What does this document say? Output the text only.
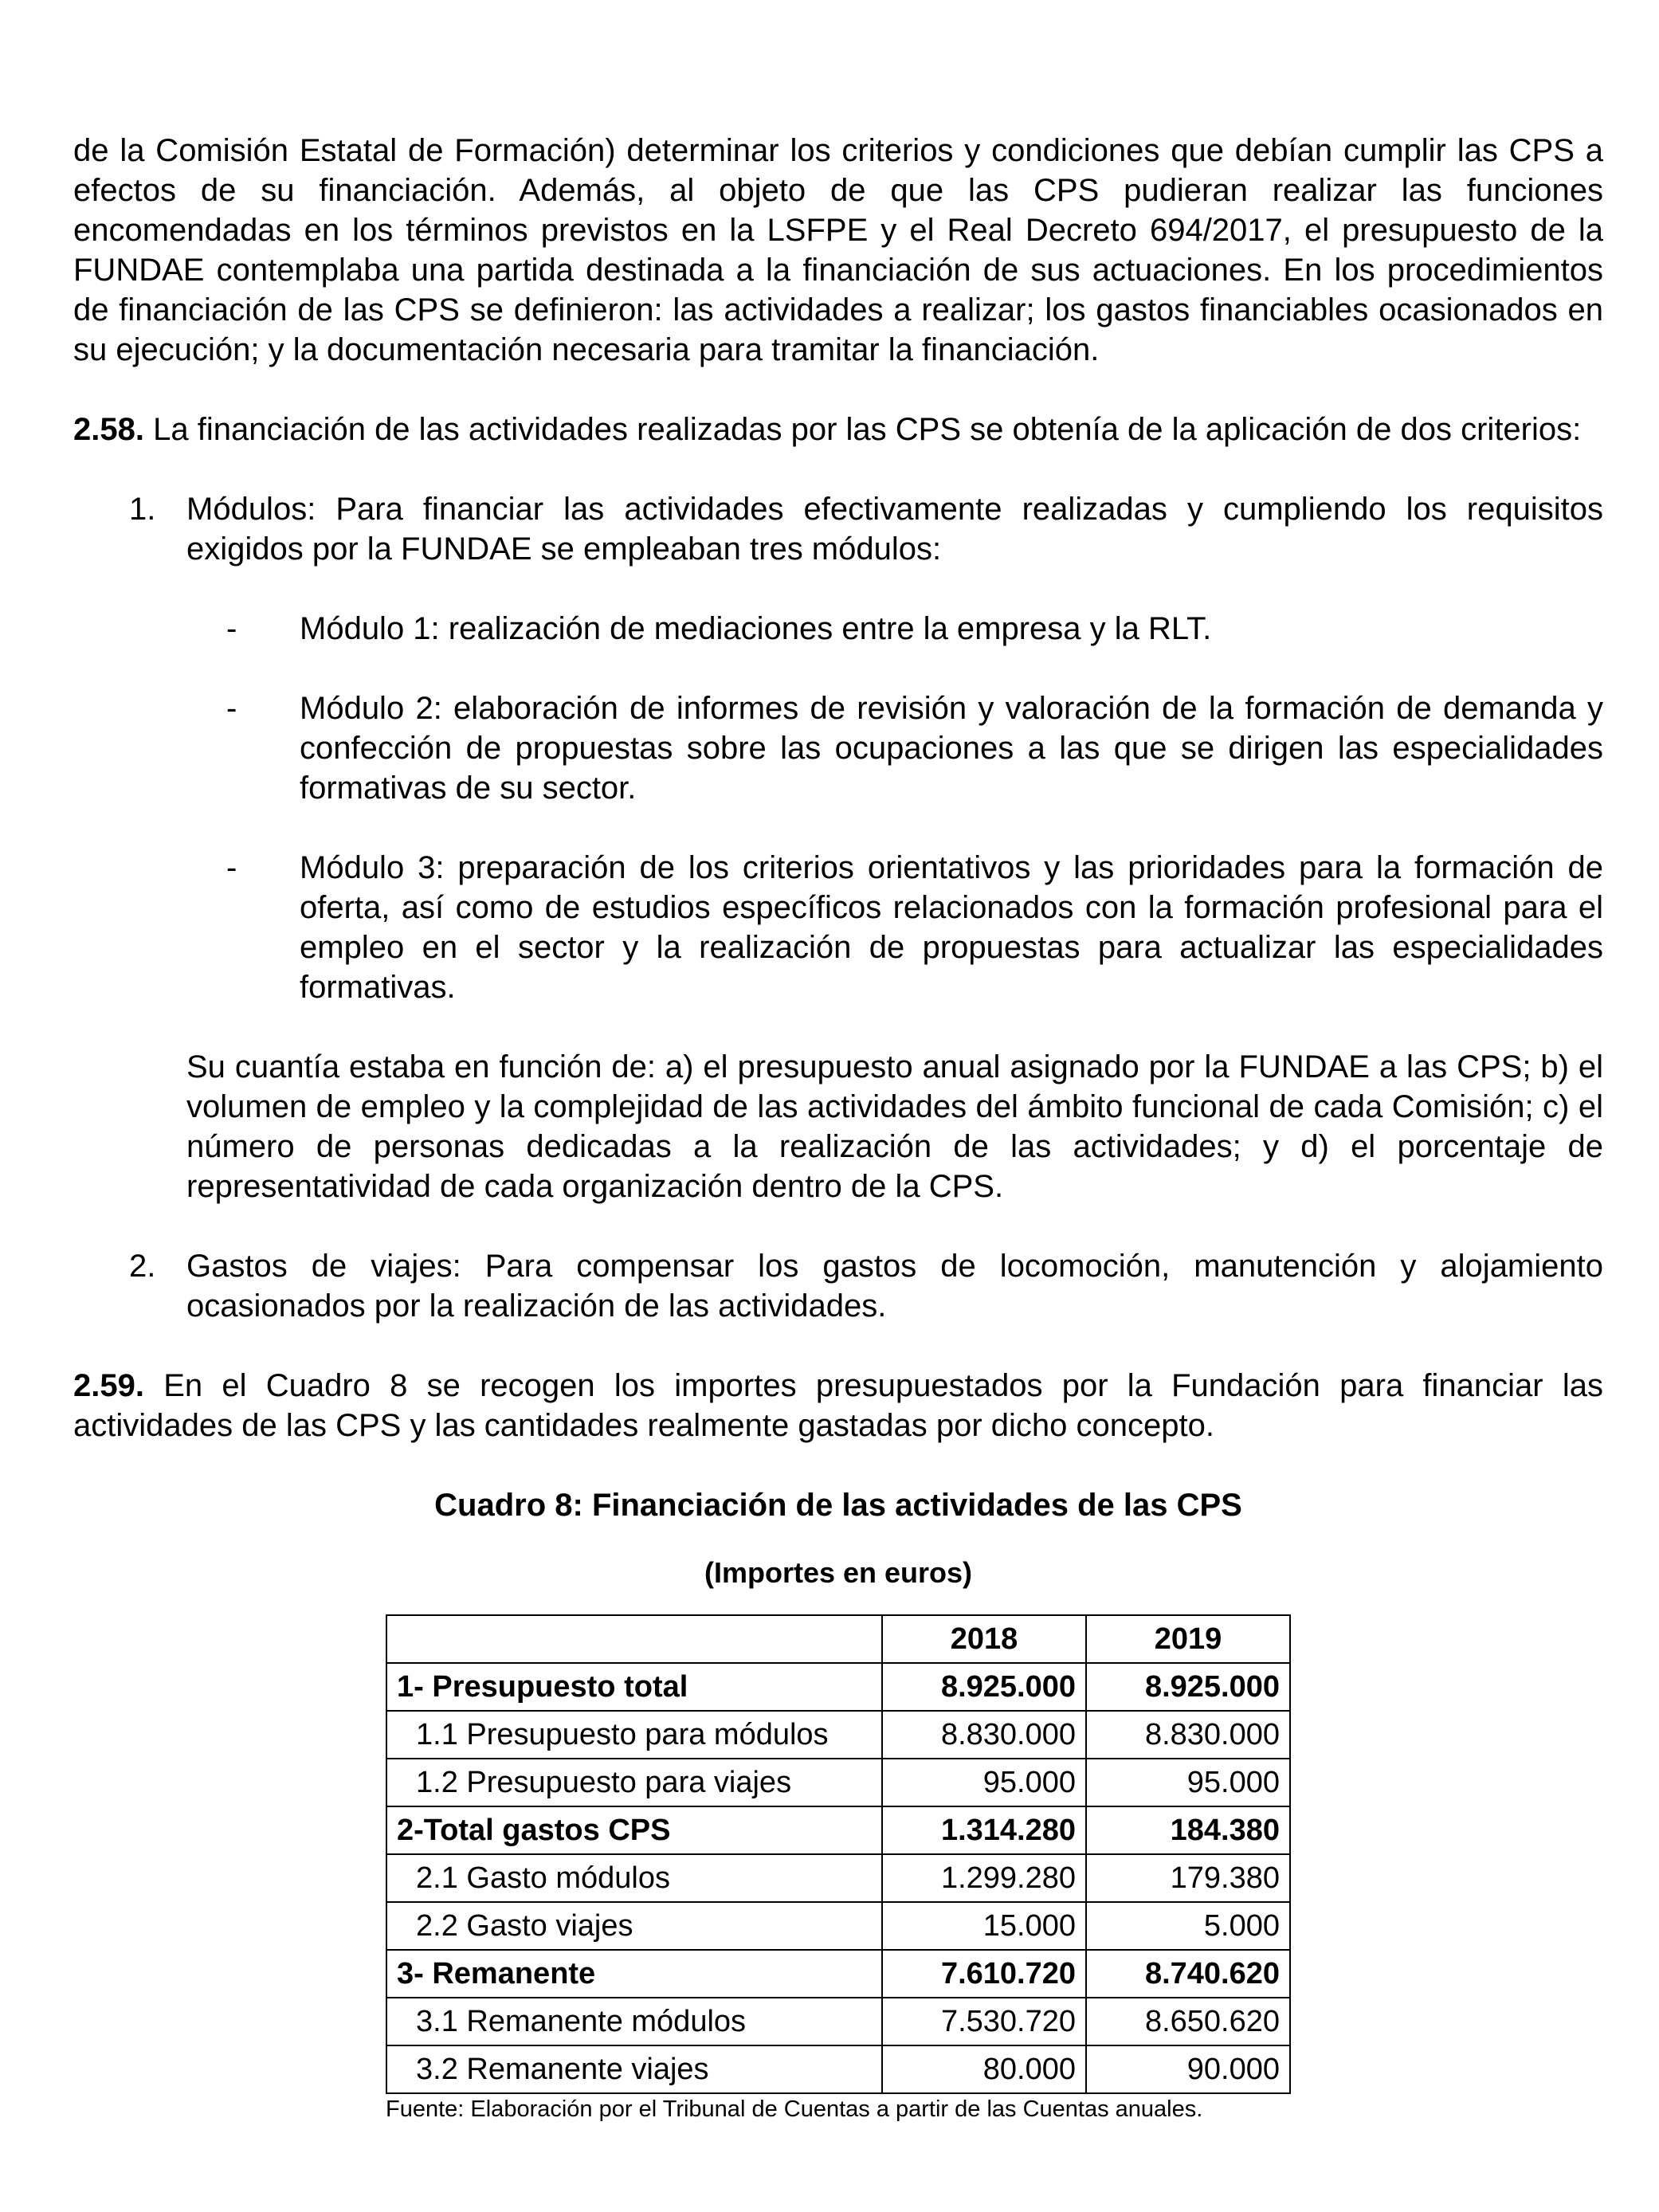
de la Comisión Estatal de Formación) determinar los criterios y condiciones que debían cumplir las CPS a efectos de su financiación. Además, al objeto de que las CPS pudieran realizar las funciones encomendadas en los términos previstos en la LSFPE y el Real Decreto 694/2017, el presupuesto de la FUNDAE contemplaba una partida destinada a la financiación de sus actuaciones. En los procedimientos de financiación de las CPS se definieron: las actividades a realizar; los gastos financiables ocasionados en su ejecución; y la documentación necesaria para tramitar la financiación.

2.58. La financiación de las actividades realizadas por las CPS se obtenía de la aplicación de dos criterios:

1. Módulos: Para financiar las actividades efectivamente realizadas y cumpliendo los requisitos exigidos por la FUNDAE se empleaban tres módulos:

- Módulo 1: realización de mediaciones entre la empresa y la RLT.

- Módulo 2: elaboración de informes de revisión y valoración de la formación de demanda y confección de propuestas sobre las ocupaciones a las que se dirigen las especialidades formativas de su sector.

- Módulo 3: preparación de los criterios orientativos y las prioridades para la formación de oferta, así como de estudios específicos relacionados con la formación profesional para el empleo en el sector y la realización de propuestas para actualizar las especialidades formativas.

Su cuantía estaba en función de: a) el presupuesto anual asignado por la FUNDAE a las CPS; b) el volumen de empleo y la complejidad de las actividades del ámbito funcional de cada Comisión; c) el número de personas dedicadas a la realización de las actividades; y d) el porcentaje de representatividad de cada organización dentro de la CPS.

2. Gastos de viajes: Para compensar los gastos de locomoción, manutención y alojamiento ocasionados por la realización de las actividades.

2.59. En el Cuadro 8 se recogen los importes presupuestados por la Fundación para financiar las actividades de las CPS y las cantidades realmente gastadas por dicho concepto.

Cuadro 8: Financiación de las actividades de las CPS
(Importes en euros)
	2018	2019
1- Presupuesto total	8.925.000	8.925.000
1.1 Presupuesto para módulos	8.830.000	8.830.000
1.2 Presupuesto para viajes	95.000	95.000
2-Total gastos CPS	1.314.280	184.380
2.1 Gasto módulos	1.299.280	179.380
2.2 Gasto viajes	15.000	5.000
3- Remanente	7.610.720	8.740.620
3.1 Remanente módulos	7.530.720	8.650.620
3.2 Remanente viajes	80.000	90.000
Fuente: Elaboración por el Tribunal de Cuentas a partir de las Cuentas anuales.
